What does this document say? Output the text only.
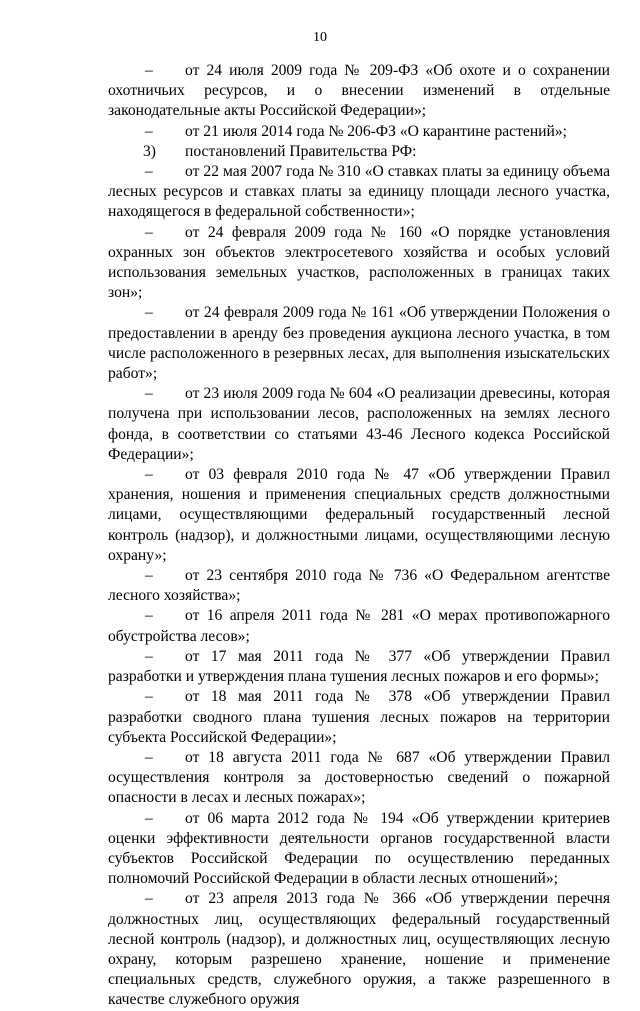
10

–	от 24 июля 2009 года № 209-ФЗ «Об охоте и о сохранении охотничьих ресурсов, и о внесении изменений в отдельные законодательные акты Российской Федерации»;

–	от 21 июля 2014 года № 206-ФЗ «О карантине растений»;

3)	постановлений Правительства РФ:

–	от 22 мая 2007 года № 310 «О ставках платы за единицу объема лесных ресурсов и ставках платы за единицу площади лесного участка, находящегося в федеральной собственности»;

–	от 24 февраля 2009 года № 160 «О порядке установления охранных зон объектов электросетевого хозяйства и особых условий использования земельных участков, расположенных в границах таких зон»;

–	от 24 февраля 2009 года № 161 «Об утверждении Положения о предоставлении в аренду без проведения аукциона лесного участка, в том числе расположенного в резервных лесах, для выполнения изыскательских работ»;

–	от 23 июля 2009 года № 604 «О реализации древесины, которая получена при использовании лесов, расположенных на землях лесного фонда, в соответствии со статьями 43-46 Лесного кодекса Российской Федерации»;

–	от 03 февраля 2010 года № 47 «Об утверждении Правил хранения, ношения и применения специальных средств должностными лицами, осуществляющими федеральный государственный лесной контроль (надзор), и должностными лицами, осуществляющими лесную охрану»;

–	от 23 сентября 2010 года № 736 «О Федеральном агентстве лесного хозяйства»;

–	от 16 апреля 2011 года № 281 «О мерах противопожарного обустройства лесов»;

–	от 17 мая 2011 года № 377 «Об утверждении Правил разработки и утверждения плана тушения лесных пожаров и его формы»;

–	от 18 мая 2011 года № 378 «Об утверждении Правил разработки сводного плана тушения лесных пожаров на территории субъекта Российской Федерации»;

–	от 18 августа 2011 года № 687 «Об утверждении Правил осуществления контроля за достоверностью сведений о пожарной опасности в лесах и лесных пожарах»;

–	от 06 марта 2012 года № 194 «Об утверждении критериев оценки эффективности деятельности органов государственной власти субъектов Российской Федерации по осуществлению переданных полномочий Российской Федерации в области лесных отношений»;

–	от 23 апреля 2013 года № 366 «Об утверждении перечня должностных лиц, осуществляющих федеральный государственный лесной контроль (надзор), и должностных лиц, осуществляющих лесную охрану, которым разрешено хранение, ношение и применение специальных средств, служебного оружия, а также разрешенного в качестве служебного оружия
